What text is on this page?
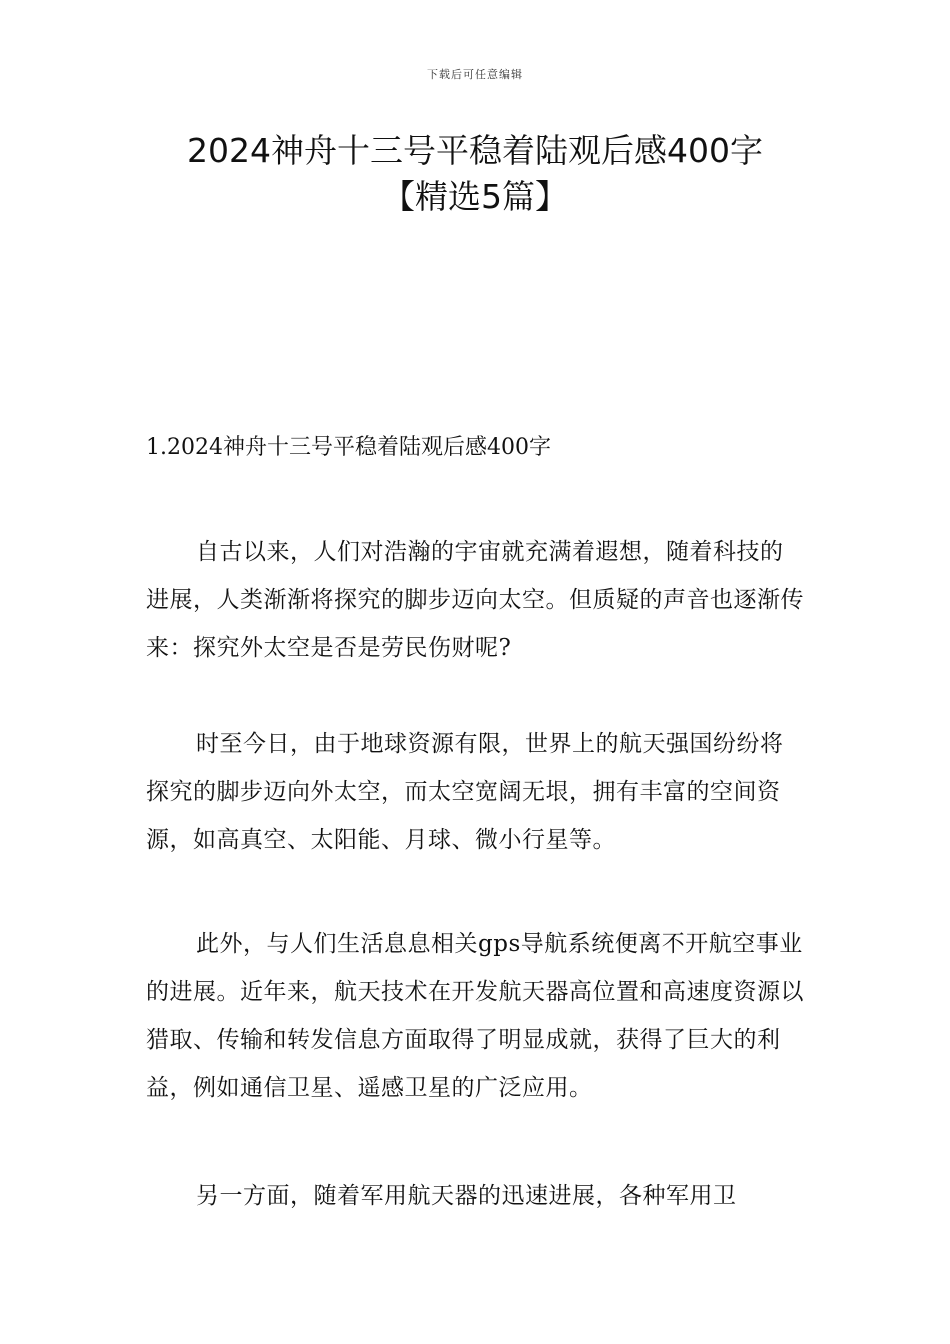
下载后可任意编辑
2024神舟十三号平稳着陆观后感400字
【精选5篇】
1.2024神舟十三号平稳着陆观后感400字

自古以来，人们对浩瀚的宇宙就充满着遐想，随着科技的进展，人类渐渐将探究的脚步迈向太空。但质疑的声音也逐渐传来：探究外太空是否是劳民伤财呢?

时至今日，由于地球资源有限，世界上的航天强国纷纷将探究的脚步迈向外太空，而太空宽阔无垠，拥有丰富的空间资源，如高真空、太阳能、月球、微小行星等。

此外，与人们生活息息相关gps导航系统便离不开航空事业的进展。近年来，航天技术在开发航天器高位置和高速度资源以猎取、传输和转发信息方面取得了明显成就，获得了巨大的利益，例如通信卫星、遥感卫星的广泛应用。

另一方面，随着军用航天器的迅速进展，各种军用卫
